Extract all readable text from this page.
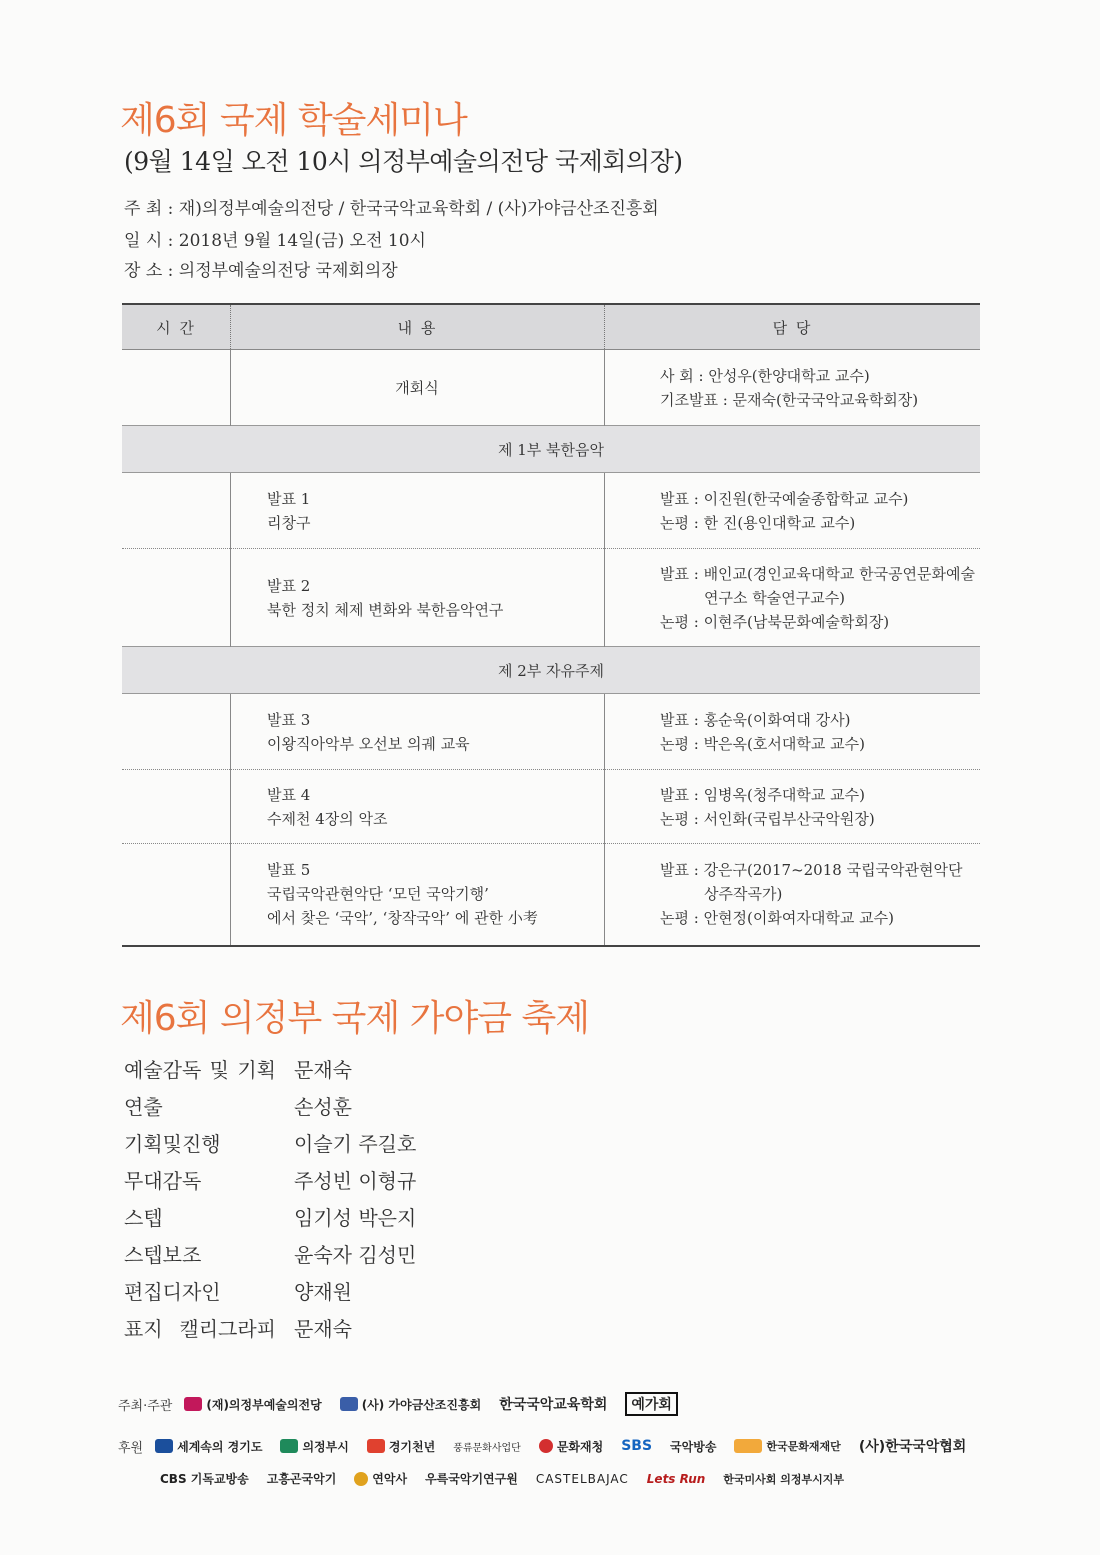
제6회 국제 학술세미나
(9월 14일 오전 10시 의정부예술의전당 국제회의장)
주 최 : 재)의정부예술의전당 / 한국국악교육학회 / (사)가야금산조진흥회
일 시 : 2018년 9월 14일(금) 오전 10시
장 소 : 의정부예술의전당 국제회의장
시 간	내 용	담 당

	개회식	사 회 : 안성우(한양대학교 교수)
기조발표 : 문재숙(한국국악교육학회장)

제 1부 북한음악		

	발표 1
리창구	발표 : 이진원(한국예술종합학교 교수)
논평 : 한 진(용인대학교 교수)

	발표 2
북한 정치 체제 변화와 북한음악연구	발표 : 배인교(경인교육대학교 한국공연문화예술
연구소 학술연구교수)
논평 : 이현주(남북문화예술학회장)

제 2부 자유주제		

	발표 3
이왕직아악부 오선보 의궤 교육	발표 : 홍순욱(이화여대 강사)
논평 : 박은옥(호서대학교 교수)

	발표 4
수제천 4장의 악조	발표 : 임병옥(청주대학교 교수)
논평 : 서인화(국립부산국악원장)

	발표 5
국립국악관현악단 ‘모던 국악기행’
에서 찾은 ‘국악’, ‘창작국악’ 에 관한 小考	발표 : 강은구(2017~2018 국립국악관현악단
상주작곡가)
논평 : 안현정(이화여자대학교 교수)
제6회 의정부 국제 가야금 축제
예술감독 및 기획 문재숙
연출	손성훈
기획및진행	이슬기 주길호
무대감독	주성빈 이형규
스텝	임기성 박은지
스텝보조	윤숙자 김성민
편집디자인	양재원
표지 캘리그라피 문재숙
주최·주관	(재)의정부예술의전당	(사) 가야금산조진흥회 한국국악교육학회	예가회
후원	세계속의 경기도	의정부시	경기천년 풍류문화사업단	문화재청 SBS 국악방송	한국문화재재단 (사)한국국악협회
CBS 기독교방송 고흥곤국악기	연악사 우륵국악기연구원 CASTELBAJAC Lets Run 한국미사회 의정부시지부
